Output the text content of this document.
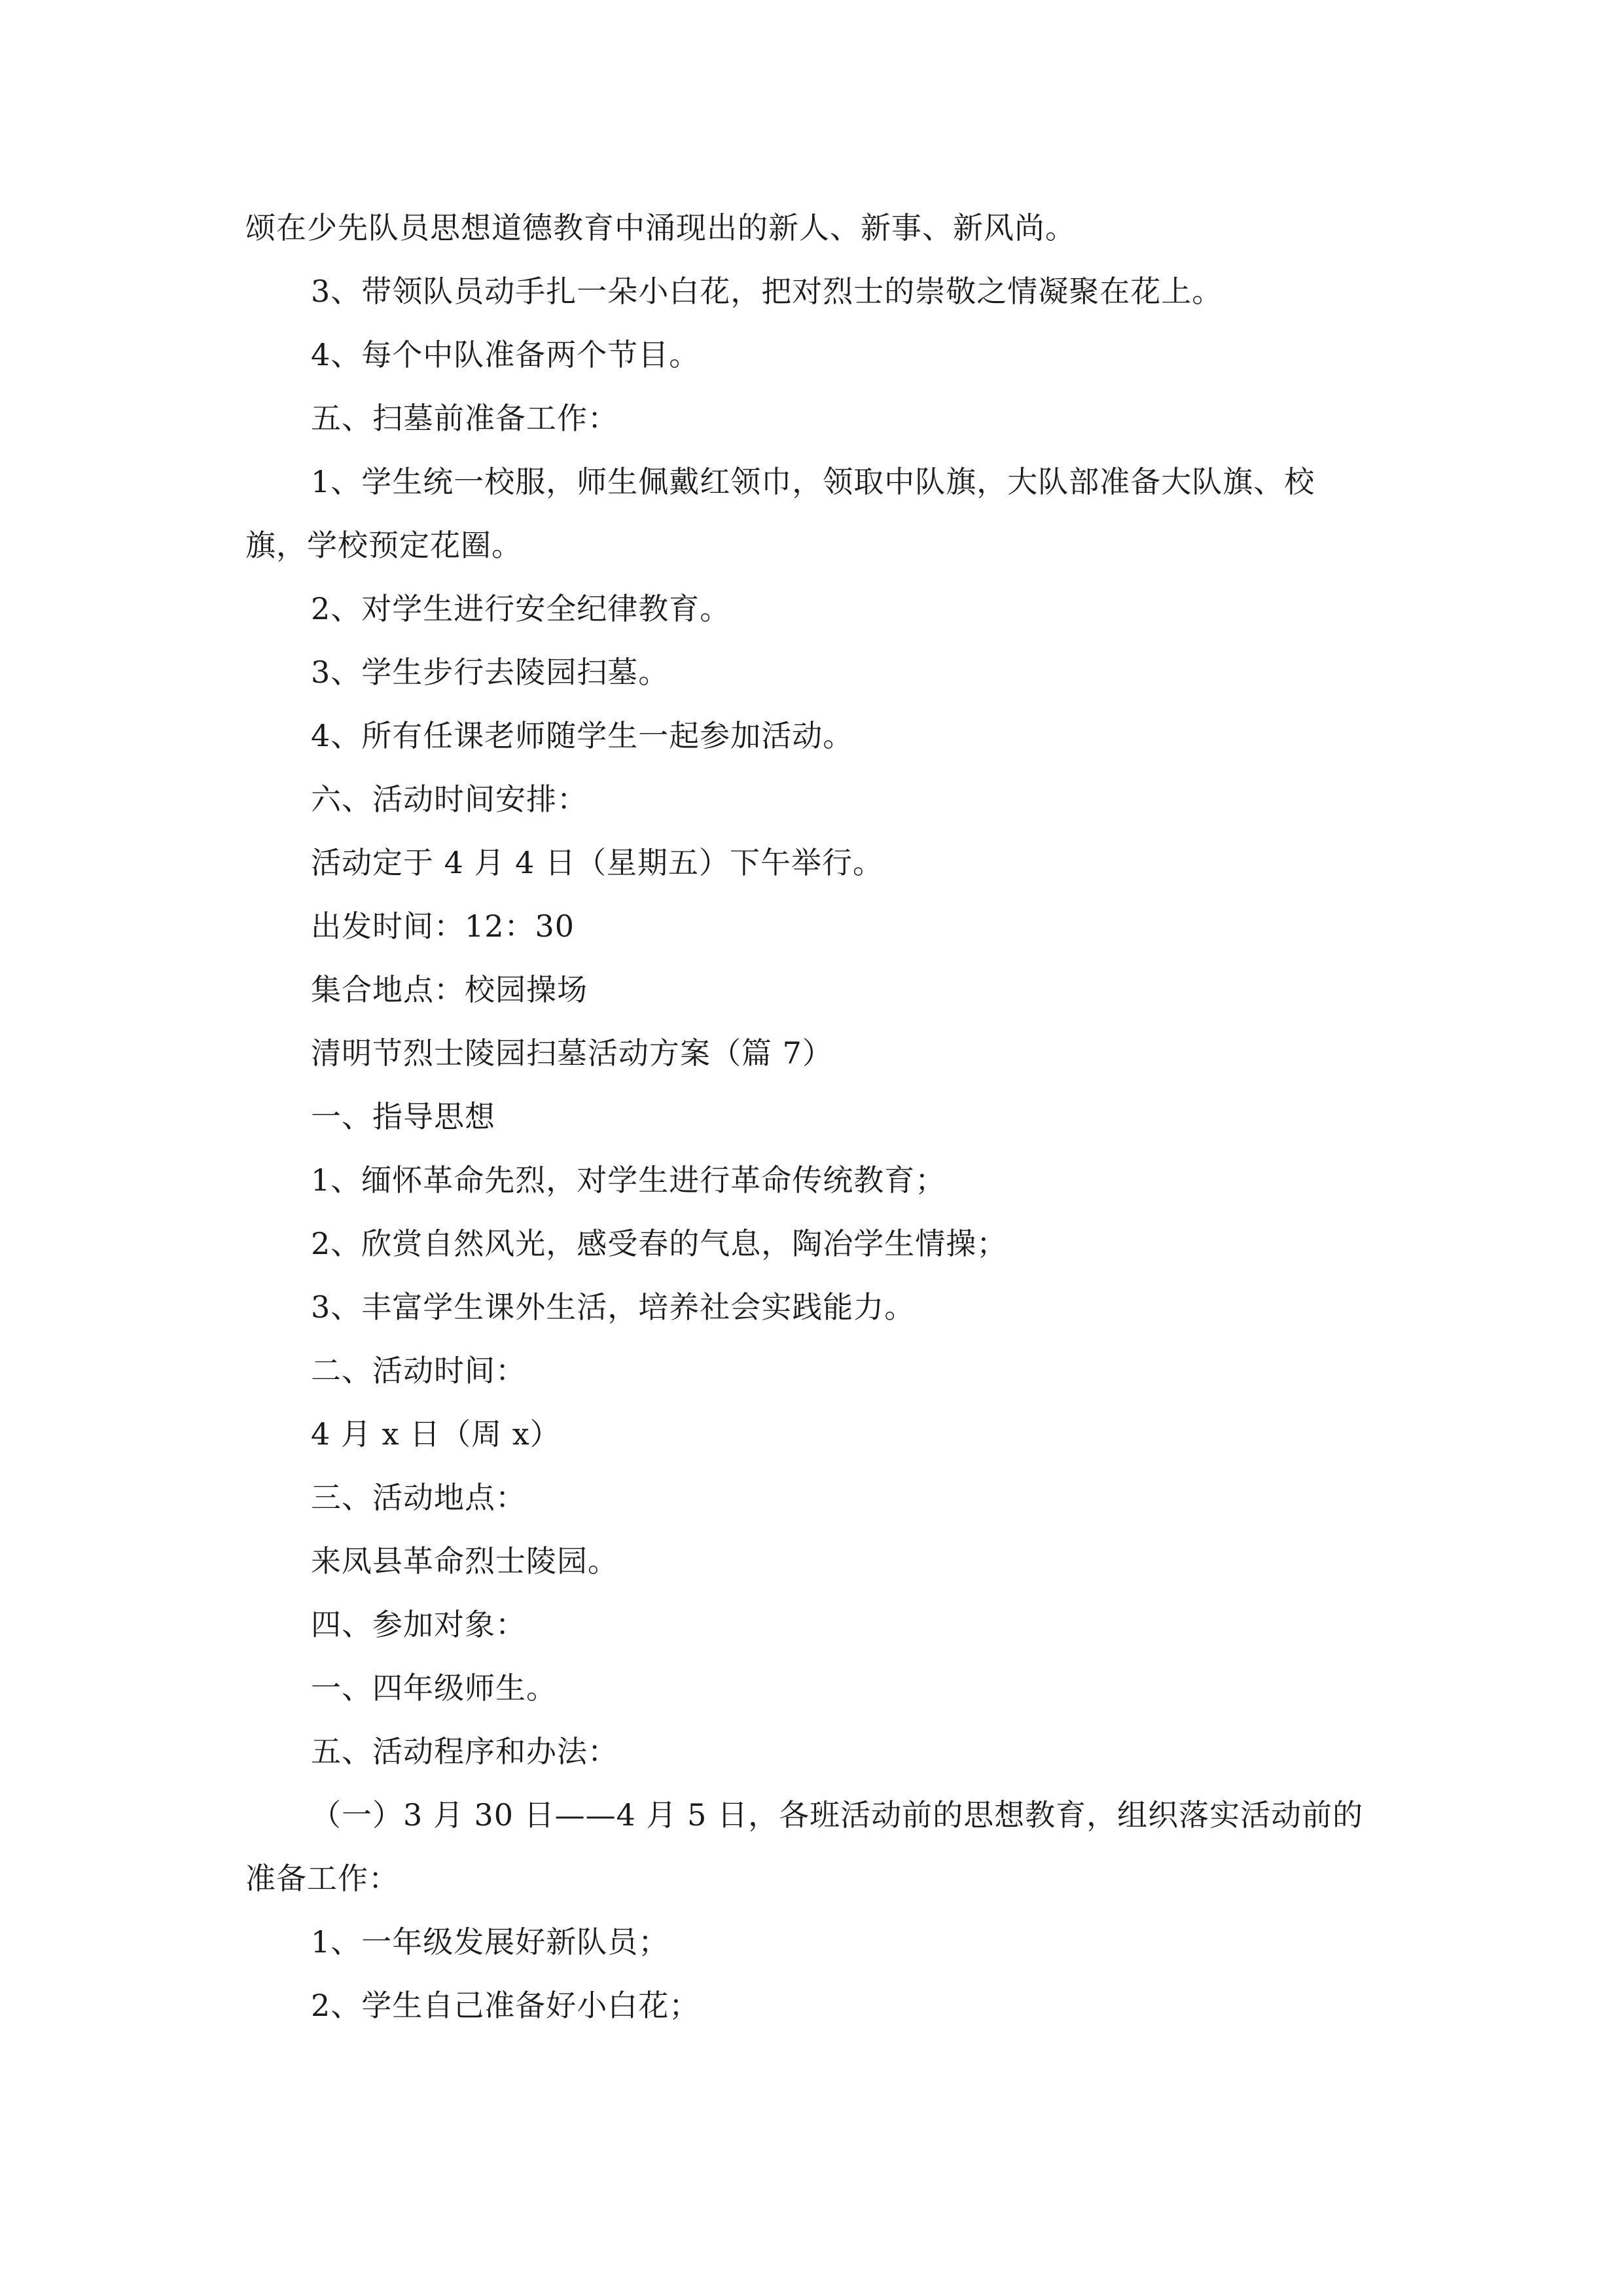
颂在少先队员思想道德教育中涌现出的新人、新事、新风尚。
3、带领队员动手扎一朵小白花，把对烈士的崇敬之情凝聚在花上。
4、每个中队准备两个节目。
五、扫墓前准备工作：
1、学生统一校服，师生佩戴红领巾，领取中队旗，大队部准备大队旗、校
旗，学校预定花圈。
2、对学生进行安全纪律教育。
3、学生步行去陵园扫墓。
4、所有任课老师随学生一起参加活动。
六、活动时间安排：
活动定于 4 月 4 日（星期五）下午举行。
出发时间：12：30
集合地点：校园操场
清明节烈士陵园扫墓活动方案（篇 7）
一、指导思想
1、缅怀革命先烈，对学生进行革命传统教育；
2、欣赏自然风光，感受春的气息，陶冶学生情操；
3、丰富学生课外生活，培养社会实践能力。
二、活动时间：
4 月 x 日（周 x）
三、活动地点：
来凤县革命烈士陵园。
四、参加对象：
一、四年级师生。
五、活动程序和办法：
（一）3 月 30 日——4 月 5 日，各班活动前的思想教育，组织落实活动前的
准备工作：
1、一年级发展好新队员；
2、学生自己准备好小白花；
